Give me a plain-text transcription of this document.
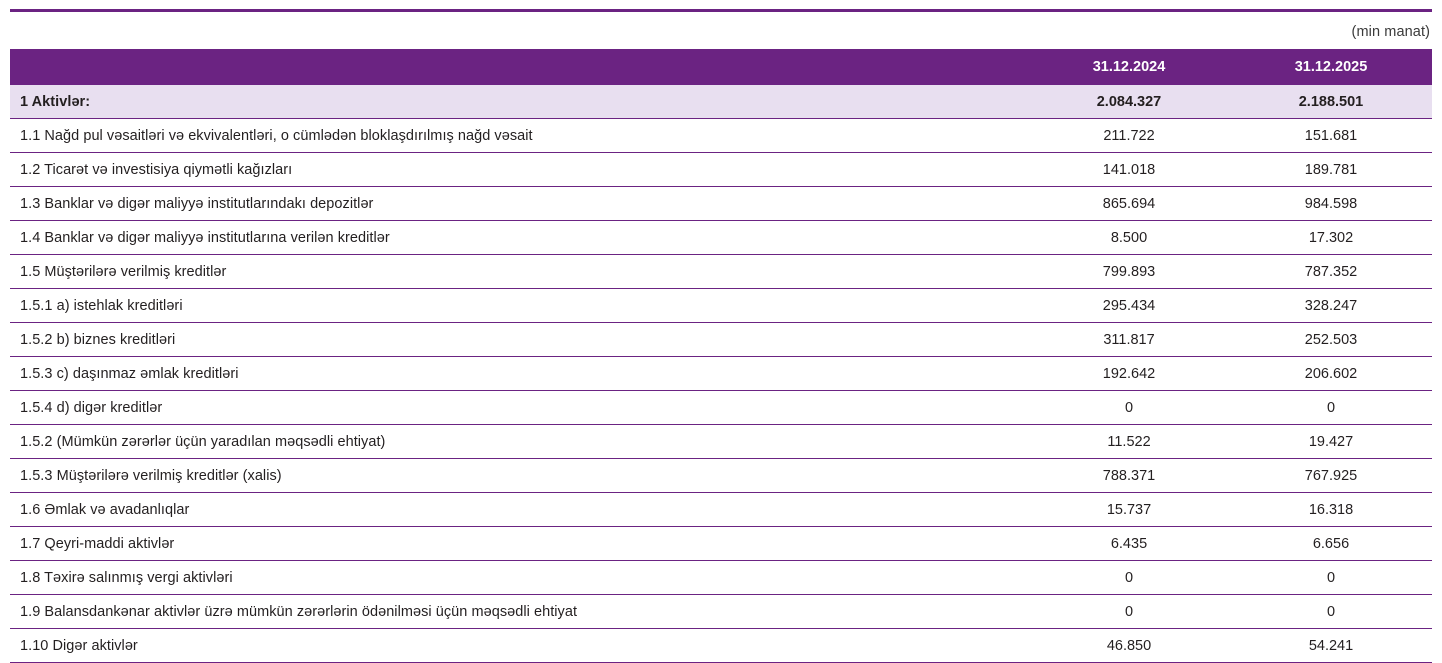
(min manat)
	31.12.2024	31.12.2025
1 Aktivlər:	2.084.327	2.188.501
1.1 Nağd pul vəsaitləri və ekvivalentləri, o cümlədən bloklaşdırılmış nağd vəsait	211.722	151.681
1.2 Ticarət və investisiya qiymətli kağızları	141.018	189.781
1.3 Banklar və digər maliyyə institutlarındakı depozitlər	865.694	984.598
1.4 Banklar və digər maliyyə institutlarına verilən kreditlər	8.500	17.302
1.5 Müştərilərə verilmiş kreditlər	799.893	787.352
1.5.1 a) istehlak kreditləri	295.434	328.247
1.5.2 b) biznes kreditləri	311.817	252.503
1.5.3 c) daşınmaz əmlak kreditləri	192.642	206.602
1.5.4 d) digər kreditlər	0	0
1.5.2 (Mümkün zərərlər üçün yaradılan məqsədli ehtiyat)	11.522	19.427
1.5.3 Müştərilərə verilmiş kreditlər (xalis)	788.371	767.925
1.6 Əmlak və avadanlıqlar	15.737	16.318
1.7 Qeyri-maddi aktivlər	6.435	6.656
1.8 Təxirə salınmış vergi aktivləri	0	0
1.9 Balansdankənar aktivlər üzrə mümkün zərərlərin ödənilməsi üçün məqsədli ehtiyat	0	0
1.10 Digər aktivlər	46.850	54.241
